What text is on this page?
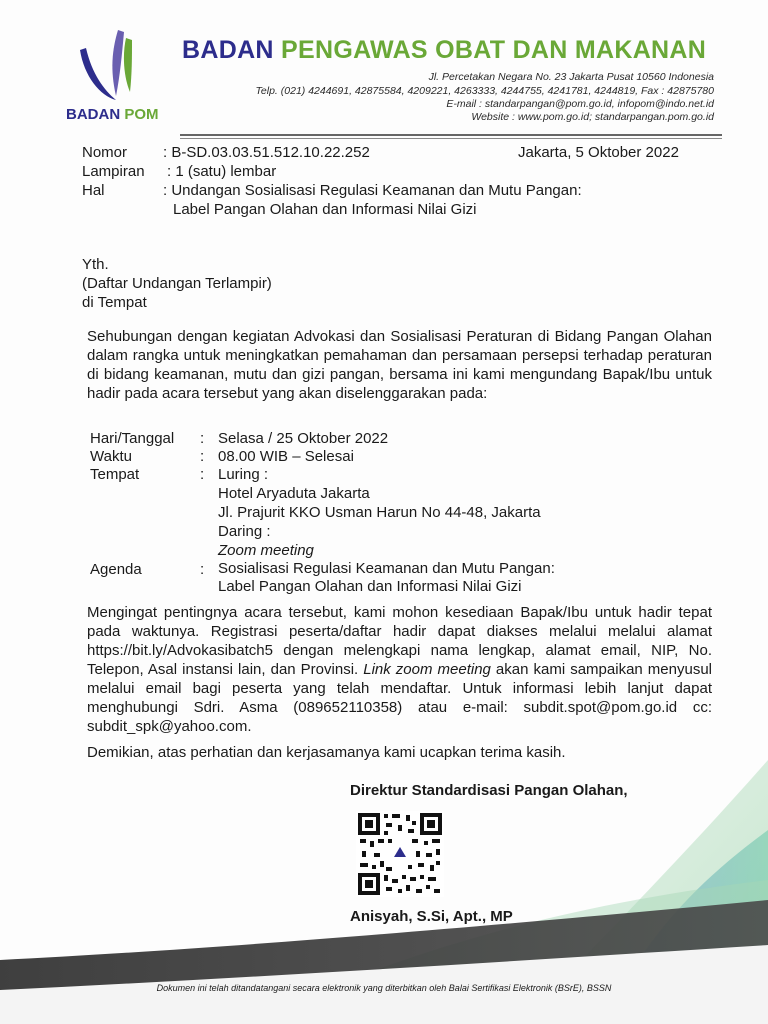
BADAN POM
BADAN PENGAWAS OBAT DAN MAKANAN
Jl. Percetakan Negara No. 23 Jakarta Pusat 10560 Indonesia
Telp. (021) 4244691, 42875584, 4209221, 4263333, 4244755, 4241781, 4244819, Fax : 42875780
E-mail : standarpangan@pom.go.id, infopom@indo.net.id
Website : www.pom.go.id; standarpangan.pom.go.id
Nomor : B-SD.03.03.51.512.10.22.252	Jakarta, 5 Oktober 2022
Lampiran : 1 (satu) lembar
Hal	: Undangan Sosialisasi Regulasi Keamanan dan Mutu Pangan:
Label Pangan Olahan dan Informasi Nilai Gizi
Yth.
(Daftar Undangan Terlampir)
di Tempat
Sehubungan dengan kegiatan Advokasi dan Sosialisasi Peraturan di Bidang Pangan Olahan dalam rangka untuk meningkatkan pemahaman dan persamaan persepsi terhadap peraturan di bidang keamanan, mutu dan gizi pangan, bersama ini kami mengundang Bapak/Ibu untuk hadir pada acara tersebut yang akan diselenggarakan pada:
Hari/Tanggal : Selasa / 25 Oktober 2022
Waktu	: 08.00 WIB – Selesai
Tempat	: Luring :
Hotel Aryaduta Jakarta
Jl. Prajurit KKO Usman Harun No 44-48, Jakarta
Daring :
Zoom meeting
Agenda	: Sosialisasi Regulasi Keamanan dan Mutu Pangan:
Label Pangan Olahan dan Informasi Nilai Gizi
Mengingat pentingnya acara tersebut, kami mohon kesediaan Bapak/Ibu untuk hadir tepat pada waktunya. Registrasi peserta/daftar hadir dapat diakses melalui melalui alamat https://bit.ly/Advokasibatch5 dengan melengkapi nama lengkap, alamat email, NIP, No. Telepon, Asal instansi lain, dan Provinsi. Link zoom meeting akan kami sampaikan menyusul melalui email bagi peserta yang telah mendaftar. Untuk informasi lebih lanjut dapat menghubungi Sdri. Asma (089652110358) atau e-mail: subdit.spot@pom.go.id cc: subdit_spk@yahoo.com.
Demikian, atas perhatian dan kerjasamanya kami ucapkan terima kasih.
Direktur Standardisasi Pangan Olahan,
Anisyah, S.Si, Apt., MP
Dokumen ini telah ditandatangani secara elektronik yang diterbitkan oleh Balai Sertifikasi Elektronik (BSrE), BSSN
